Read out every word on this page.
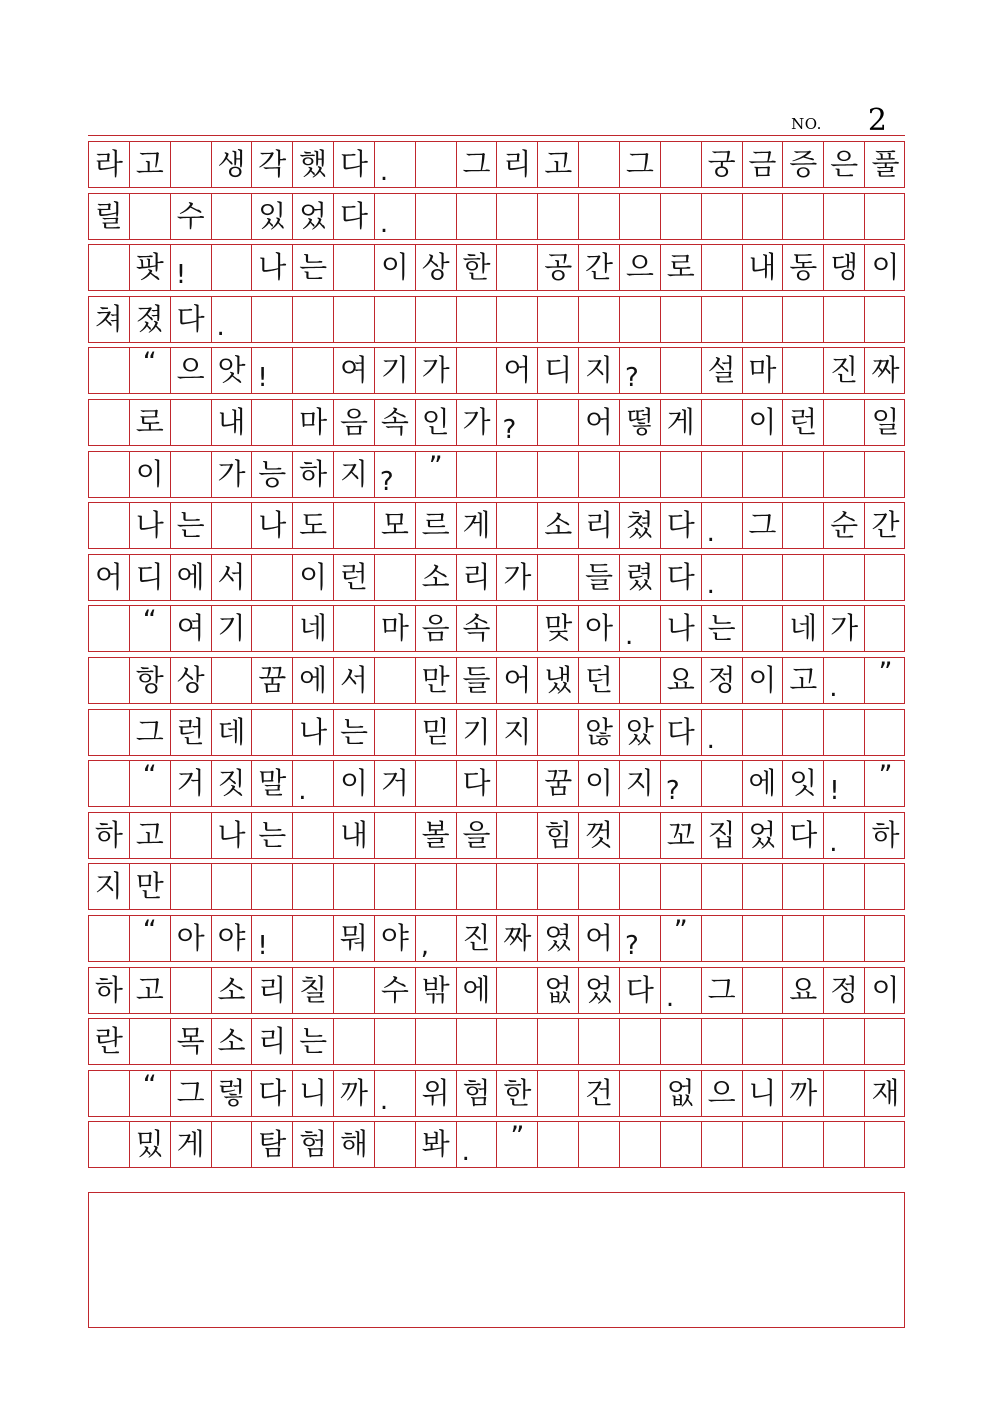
NO. 2
라 고 생 각 했 다 .	그 리 고 그 궁 금 증 은 풀
릴 수 있 었 다 .
팟 !	나 는 이 상 한 공 간 으 로 내 동 댕 이
쳐 졌 다 .
“ 으 앗 !	여 기 가 어 디 지 ?	설 마 진 짜
로 내 마 음 속 인 가 ?	어 떻 게 이 런 일
이 가 능 하 지 ?	”
나 는 나 도 모 르 게 소 리 쳤 다 .	그 순 간
어 디 에 서 이 런 소 리 가 들 렸 다 .
“ 여 기 네 마 음 속 맞 아 .	나 는 네 가
항 상 꿈 에 서 만 들 어 냈 던 요 정 이 고 .	”
그 런 데 나 는 믿 기 지 않 았 다 .
“ 거 짓 말 .	이 거 다 꿈 이 지 ?	에 잇 !	”
하 고 나 는 내 볼 을 힘 껏 꼬 집 었 다 .	하
지 만
“ 아 야 !	뭐 야 ,	진 짜 였 어 ?	”
하 고 소 리 칠 수 밖 에 없 었 다 .	그 요 정 이
란 목 소 리 는
“ 그 렇 다 니 까 .	위 험 한 건 없 으 니 까 재
밌 게 탐 험 해 봐 .	”
